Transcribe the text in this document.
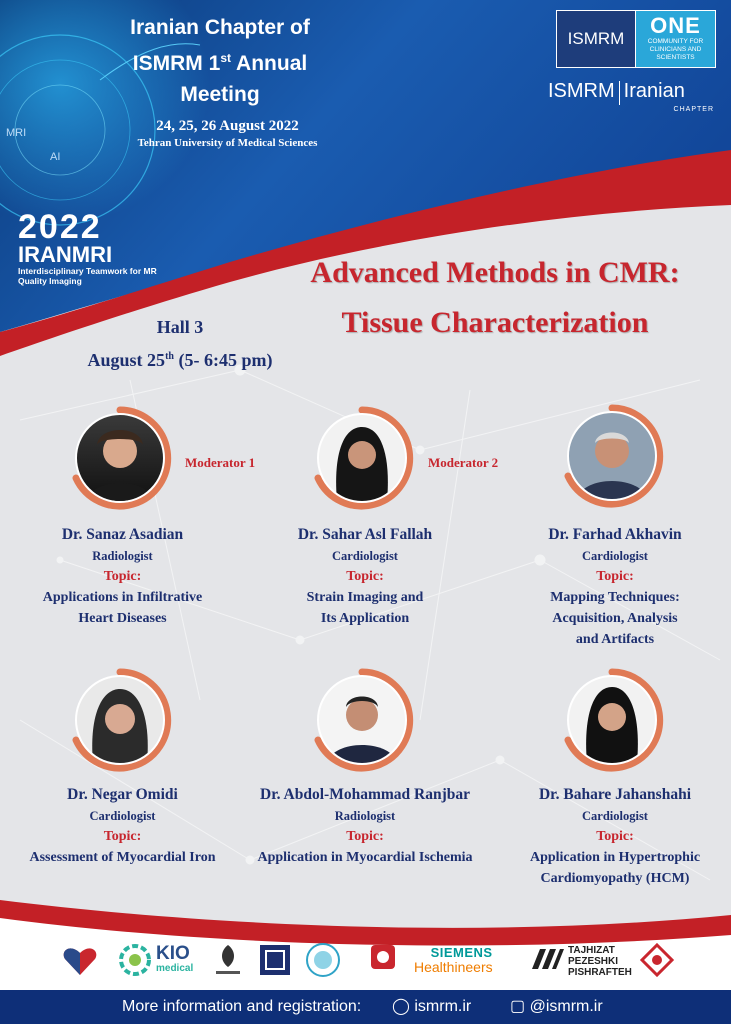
MRI
AI
Iranian Chapter of
ISMRM 1st Annual
Meeting
24, 25, 26 August 2022
Tehran University of Medical Sciences
ISMRM
ONE
COMMUNITY FOR CLINICIANS AND SCIENTISTS
ISMRM Iranian
CHAPTER
2022
IRANMRI
Interdisciplinary Teamwork for MR Quality Imaging	Advanced Methods in CMR:
Tissue Characterization
Hall 3
August 25th (5- 6:45 pm)
Moderator 1	Moderator 2
Dr. Sanaz Asadian
Radiologist
Topic:
Applications in Infiltrative
Heart Diseases
Dr. Sahar Asl Fallah
Cardiologist
Topic:
Strain Imaging and
Its Application
Dr. Farhad Akhavin
Cardiologist
Topic:
Mapping Techniques:
Acquisition, Analysis
and Artifacts
Dr. Negar Omidi
Cardiologist
Topic:
Assessment of Myocardial Iron
Dr. Abdol-Mohammad Ranjbar
Radiologist
Topic:
Application in Myocardial Ischemia
Dr. Bahare Jahanshahi
Cardiologist
Topic:
Application in Hypertrophic
Cardiomyopathy (HCM)
KIO
medical
SIEMENS
Healthineers
TAJHIZAT
PEZESHKI
PISHRAFTEH
More information and registration: ◯ ismrm.ir ▢ @ismrm.ir
